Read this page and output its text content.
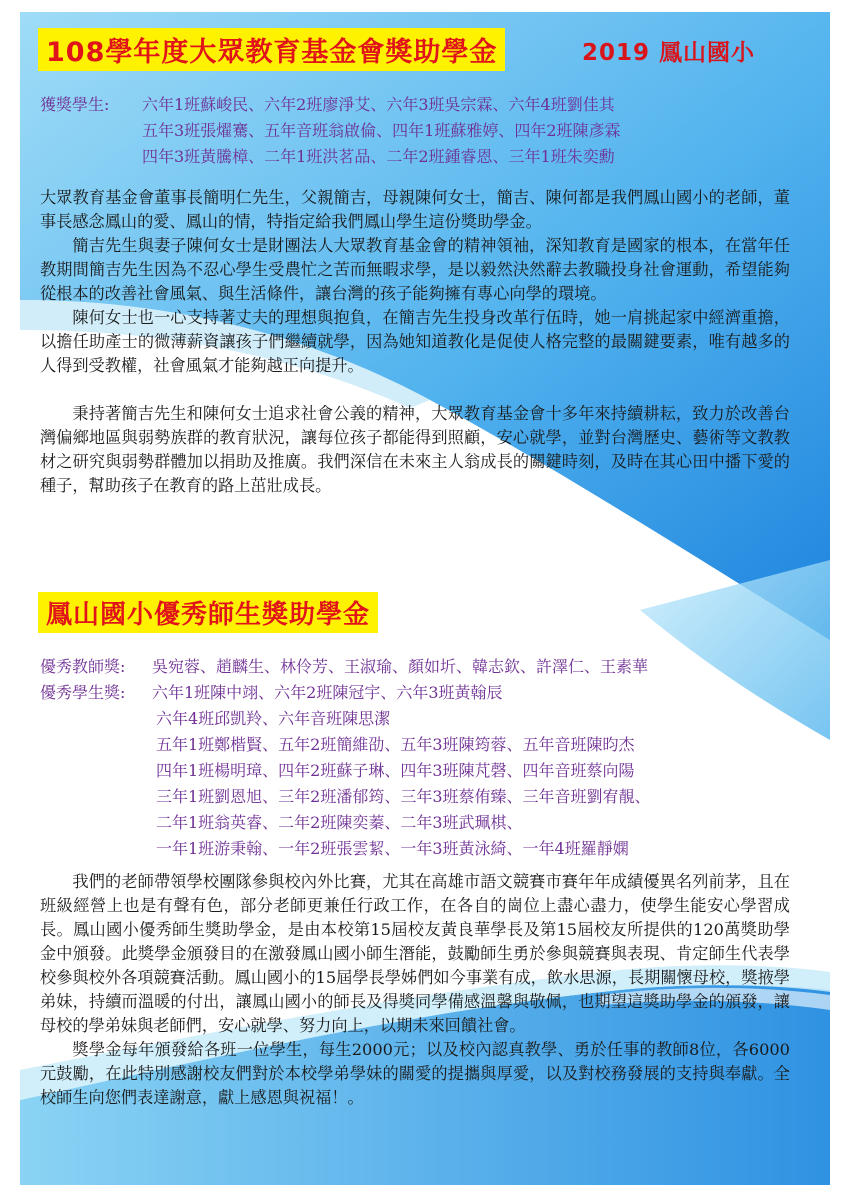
108學年度大眾教育基金會獎助學金	2019 鳳山國小
獲獎學生: 六年1班蘇峻民、六年2班廖淨艾、六年3班吳宗霖、六年4班劉佳其
五年3班張燿騫、五年音班翁啟倫、四年1班蘇雅婷、四年2班陳彥霖
四年3班黃騰樟、二年1班洪茗品、二年2班鍾睿恩、三年1班朱奕勳

大眾教育基金會董事長簡明仁先生，父親簡吉，母親陳何女士，簡吉、陳何都是我們鳳山國小的老師，董事長感念鳳山的愛、鳳山的情，特指定給我們鳳山學生這份獎助學金。

簡吉先生與妻子陳何女士是財團法人大眾教育基金會的精神領袖，深知教育是國家的根本，在當年任教期間簡吉先生因為不忍心學生受農忙之苦而無暇求學，是以毅然決然辭去教職投身社會運動，希望能夠從根本的改善社會風氣、與生活條件，讓台灣的孩子能夠擁有專心向學的環境。

陳何女士也一心支持著丈夫的理想與抱負，在簡吉先生投身改革行伍時，她一肩挑起家中經濟重擔，以擔任助產士的微薄薪資讓孩子們繼續就學，因為她知道教化是促使人格完整的最關鍵要素，唯有越多的人得到受教權，社會風氣才能夠越正向提升。

秉持著簡吉先生和陳何女士追求社會公義的精神，大眾教育基金會十多年來持續耕耘，致力於改善台灣偏鄉地區與弱勢族群的教育狀況，讓每位孩子都能得到照顧，安心就學，並對台灣歷史、藝術等文教教材之研究與弱勢群體加以捐助及推廣。我們深信在未來主人翁成長的關鍵時刻，及時在其心田中播下愛的種子，幫助孩子在教育的路上茁壯成長。

鳳山國小優秀師生獎助學金
優秀教師獎: 吳宛蓉、趙麟生、林伶芳、王淑瑜、顏如圻、韓志欽、許澤仁、王素華
優秀學生獎: 六年1班陳中翊、六年2班陳冠宇、六年3班黃翰辰
六年4班邱凱羚、六年音班陳思潔
五年1班鄭楷賢、五年2班簡維劭、五年3班陳筠蓉、五年音班陳昀杰
四年1班楊明璋、四年2班蘇子琳、四年3班陳芃磬、四年音班蔡向陽
三年1班劉恩旭、三年2班潘郁筠、三年3班蔡侑臻、三年音班劉宥靚、
二年1班翁英睿、二年2班陳奕蓁、二年3班武珮棋、
一年1班游秉翰、一年2班張雲絜、一年3班黃泳綺、一年4班羅靜嫻

我們的老師帶領學校團隊參與校內外比賽，尤其在高雄市語文競賽市賽年年成績優異名列前茅，且在班級經營上也是有聲有色，部分老師更兼任行政工作，在各自的崗位上盡心盡力，使學生能安心學習成長。鳳山國小優秀師生獎助學金，是由本校第15屆校友黃良華學長及第15屆校友所提供的120萬獎助學金中頒發。此獎學金頒發目的在激發鳳山國小師生潛能，鼓勵師生勇於參與競賽與表現、肯定師生代表學校參與校外各項競賽活動。鳳山國小的15屆學長學姊們如今事業有成，飲水思源，長期關懷母校，獎掖學弟妹，持續而溫暖的付出，讓鳳山國小的師長及得獎同學備感溫馨與敬佩，也期望這獎助學金的頒發，讓母校的學弟妹與老師們，安心就學、努力向上，以期未來回饋社會。

獎學金每年頒發給各班一位學生，每生2000元；以及校內認真教學、勇於任事的教師8位，各6000元鼓勵，在此特別感謝校友們對於本校學弟學妹的關愛的提攜與厚愛，以及對校務發展的支持與奉獻。全校師生向您們表達謝意，獻上感恩與祝福！。
